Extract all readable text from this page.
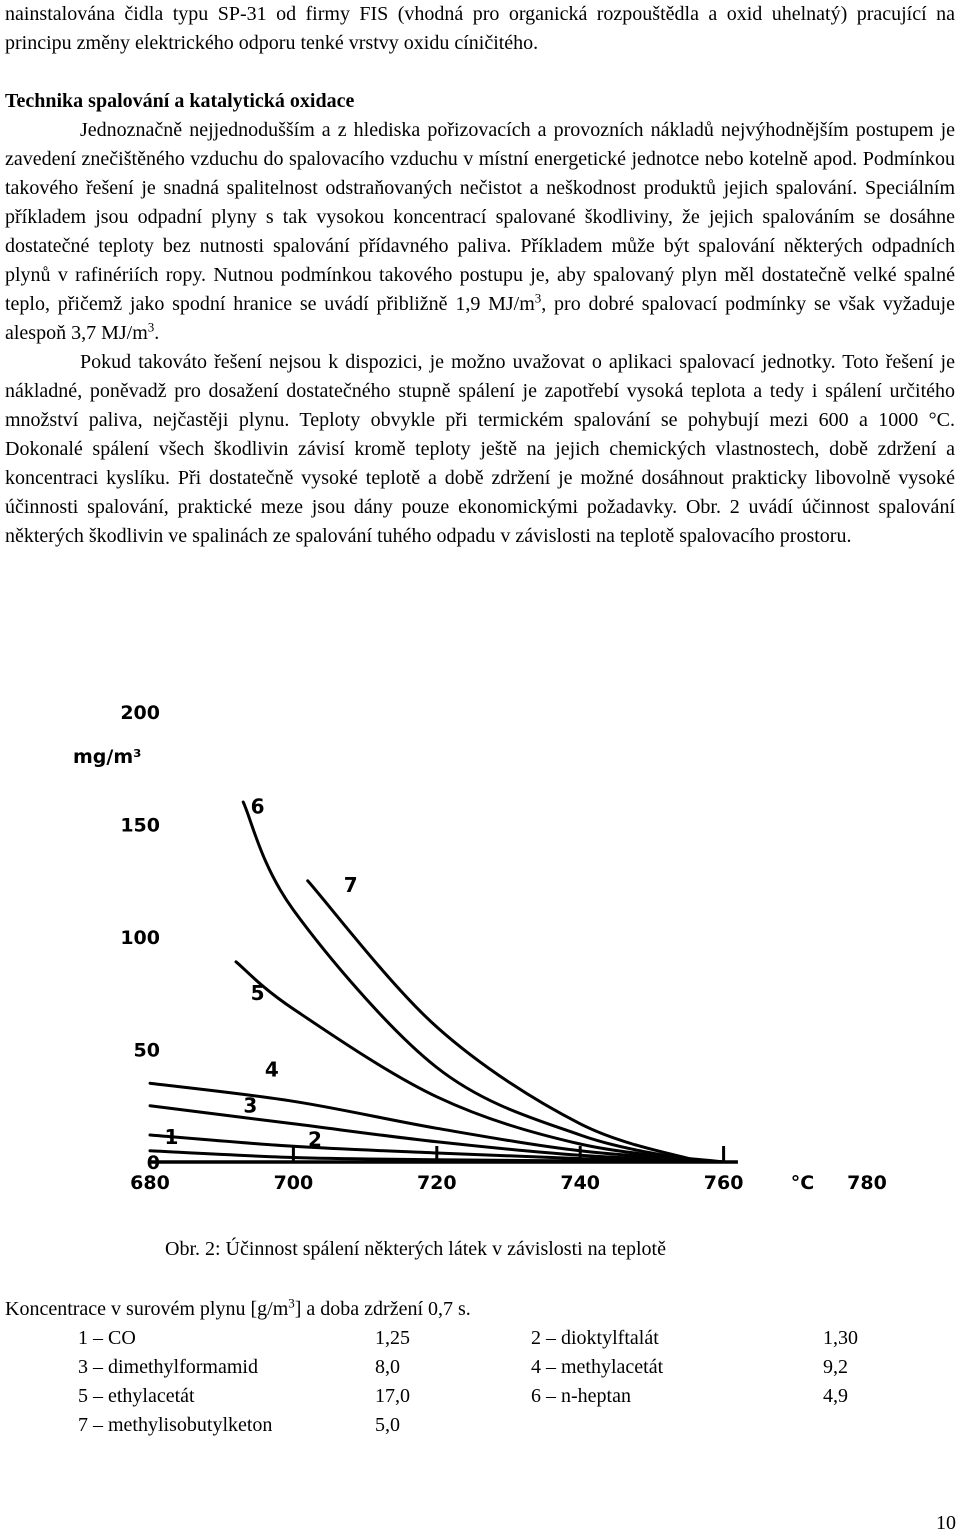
nainstalována čidla typu SP-31 od firmy FIS (vhodná pro organická rozpouštědla a oxid uhelnatý) pracující na principu změny elektrického odporu tenké vrstvy oxidu cíničitého.

Technika spalování a katalytická oxidace

Jednoznačně nejjednodušším a z hlediska pořizovacích a provozních nákladů nejvýhodnějším postupem je zavedení znečištěného vzduchu do spalovacího vzduchu v místní energetické jednotce nebo kotelně apod. Podmínkou takového řešení je snadná spalitelnost odstraňovaných nečistot a neškodnost produktů jejich spalování. Speciálním příkladem jsou odpadní plyny s tak vysokou koncentrací spalované škodliviny, že jejich spalováním se dosáhne dostatečné teploty bez nutnosti spalování přídavného paliva. Příkladem může být spalování některých odpadních plynů v rafinériích ropy. Nutnou podmínkou takového postupu je, aby spalovaný plyn měl dostatečně velké spalné teplo, přičemž jako spodní hranice se uvádí přibližně 1,9 $MJ/m^3$, pro dobré spalovací podmínky se však vyžaduje alespoň 3,7 $MJ/m^3$.

Pokud takováto řešení nejsou k dispozici, je možno uvažovat o aplikaci spalovací jednotky. Toto řešení je nákladné, poněvadž pro dosažení dostatečného stupně spálení je zapotřebí vysoká teplota a tedy i spálení určitého množství paliva, nejčastěji plynu. Teploty obvykle při termickém spalování se pohybují mezi 600 a 1000 °C. Dokonalé spálení všech škodlivin závisí kromě teploty ještě na jejich chemických vlastnostech, době zdržení a koncentraci kyslíku. Při dostatečně vysoké teplotě a době zdržení je možné dosáhnout prakticky libovolně vysoké účinnosti spalování, praktické meze jsou dány pouze ekonomickými požadavky. Obr. 2 uvádí účinnost spalování některých škodlivin ve spalinách ze spalování tuhého odpadu v závislosti na teplotě spalovacího prostoru.

680	700	720	740	760	780
°C
0
50
100
150
200
mg/m³
1	2
3
4
5
6
7
Obr. 2: Účinnost spálení některých látek v závislosti na teplotě
Koncentrace v surovém plynu $[g/m^3]$ a doba zdržení 0,7 s.
1 – CO	1,25	2 – dioktylftalát	1,30
3 – dimethylformamid	8,0	4 – methylacetát	9,2
5 – ethylacetát	17,0	6 – n-heptan	4,9
7 – methylisobutylketon	5,0
10
